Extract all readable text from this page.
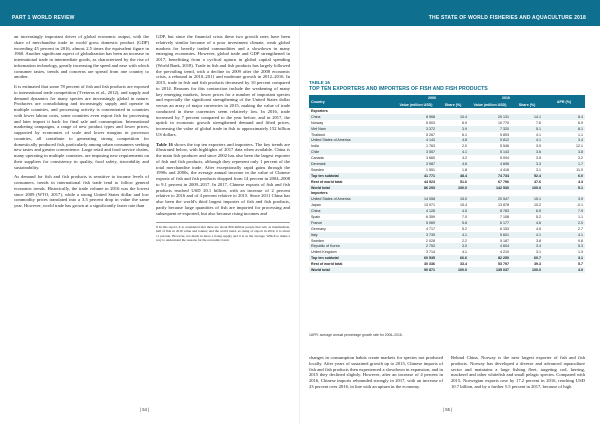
PART 1 WORLD REVIEW	THE STATE OF WORLD FISHERIES AND AQUACULTURE 2018

an increasingly important driver of global economic output, with the share of merchandise trade in world gross domestic product (GDP) exceeding 45 percent in 2016, almost 2.5 times the equivalent figure in 1960. Another significant aspect of globalization has been an increase in international trade in intermediate goods, as characterized by the rise of information technology, greatly increasing the speed and ease with which consumer tastes, trends and concerns are spread from one country to another.

It is estimated that some 78 percent of fish and fish products are exposed to international trade competition (Tveteras et al., 2012), and supply and demand dynamics for many species are increasingly global in nature. Producers are consolidating and increasingly supply and operate in multiple countries, and processing activity is concentrated in countries with lower labour costs, some countries even export fish for processing and later import it back for final sale and consumption. International marketing campaigns, a range of new product types and lower prices, supported by economies of scale and lower margins in processor countries, all contribute to generating strong competition for domestically produced fish, particularly among urban consumers seeking new tastes and greater convenience. Large retail and food service chains, many operating in multiple countries, are imposing new requirements on their suppliers for consistency in quality, food safety, traceability and sustainability.

As demand for fish and fish products is sensitive to income levels of consumers, trends in international fish trade tend to follow general economic trends. Historically, the trade volume in 2016 was the lowest since 2009 (WTO, 2017), while a strong United States dollar and low commodity prices translated into a 3.3 percent drop in value the same year. However, world trade has grown at a significantly faster rate than

GDP, but since the financial crisis these two growth rates have been relatively similar because of a poor investment climate, weak global markets for heavily traded commodities and a slowdown in many emerging economies. However, global trade and GDP strengthened in 2017, benefitting from a cyclical upturn in global capital spending (World Bank, 2018). Trade in fish and fish products has largely followed the prevailing trend, with a decline in 2009 after the 2008 economic crisis, a rebound in 2010–2011 and moderate growth in 2012–2016. In 2015, trade in fish and fish products decreased by 10 percent compared to 2014. Reasons for this contraction include the weakening of many key emerging markets, lower prices for a number of important species and especially the significant strengthening of the United States dollar versus an array of major currencies in 2015, making the value of trade conducted in these currencies seem relatively low. In 2016, trade increased by 7 percent compared to the year before, and in 2017, the uptick in economic growth strengthened demand and lifted prices, increasing the value of global trade in fish to approximately 152 billion US dollars.

Table 16 shows the top ten exporters and importers. The key trends are illustrated below, with highlights of 2017 data when available. China is the main fish producer and since 2002 has also been the largest exporter of fish and fish products, although they represent only 1 percent of the total merchandise trade. After exceptionally rapid gains through the 1990s and 2000s, the average annual increase in the value of Chinese exports of fish and fish products dropped from 14 percent in 2004–2008 to 9.1 percent in 2009–2017. In 2017, Chinese exports of fish and fish products reached USD 20.1 billion, with an increase of 2 percent relative to 2016 and of 4 percent relative to 2015. Since 2011 China has also been the world's third largest importer of fish and fish products, partly because large quantities of fish are imported for processing and subsequent re-exported, but also because rising incomes and

8 In this report, it is considered that there are about 800 million people that sell, as intermediate, half of fish in 2016 value and tonnes; and the world trend, as rising of export in 2016, it is about 11 percent. However, not much in more a rising supply and it is as the average. Which to make a way to understand the reasons for the economic trend.
TABLE 16
TOP TEN EXPORTERS AND IMPORTERS OF FISH AND FISH PRODUCTS
Country	2006		2016		APR (%)
	Value (million USD)	Share (%)	Value (million USD)	Share (%)	
Exporters					
China	8 968	10.4	20 131	14.1	8.4
Norway	5 503	6.9	10 770	7.6	6.9
Viet Nam	3 372	3.9	7 320	5.1	8.1
Thailand	5 267	6.1	5 893	4.1	1.1
United States of America	4 143	4.8	5 812	4.1	3.4
India	1 763	2.0	5 546	3.9	12.1
Chile	3 557	4.1	5 143	3.6	3.8
Canada	3 660	4.2	5 004	3.5	3.2
Denmark	3 987	4.6	4 696	3.3	1.7
Sweden	1 551	1.8	4 418	3.1	11.0
Top ten subtotal	41 771	48.4	74 734	52.4	6.0
Rest of world total	44 523	51.6	67 796	47.6	4.3
World total	86 293	100.0	142 530	100.0	5.1
Importers					
United States of America	14 058	15.0	20 547	15.1	3.9
Japan	13 971	15.4	13 878	10.2	-0.1
China	4 126	4.5	8 783	6.5	7.9
Spain	6 359	7.0	7 108	5.2	1.1
France	5 069	5.6	6 177	4.6	2.0
Germany	4 717	5.2	6 153	4.5	2.7
Italy	3 739	4.1	5 601	4.1	4.1
Sweden	2 028	2.2	5 187	3.8	9.8
Republic of Korea	2 753	3.0	4 604	3.4	5.3
United Kingdom	3 714	4.1	4 210	3.1	1.3
Top ten subtotal	60 535	66.6	82 250	60.7	3.1
Rest of world total	30 336	33.4	53 797	39.3	5.7
World total	90 871	100.0	135 037	100.0	4.0
1APR: average annual percentage growth rate for 2006–2016.
changes in consumption habits create markets for species not produced locally. After years of sustained growth up to 2013, Chinese imports of fish and fish products then experienced a slowdown in expansion, and in 2015 they declined slightly. However, after an increase of 4 percent in 2016, Chinese imports rebounded strongly in 2017, with an increase of 23 percent over 2016, in line with an upturn in the economy.
Behind China, Norway is the next largest exporter of fish and fish products. Norway has developed a diverse and advanced aquaculture sector and maintains a large fishing fleet, targeting cod, herring, mackerel and other whitefish and small pelagic species. Compared with 2015, Norwegian exports rose by 17.2 percent in 2016, reaching USD 10.7 billion, and by a further 5.5 percent in 2017, because of high
| 54 |	| 55 |
